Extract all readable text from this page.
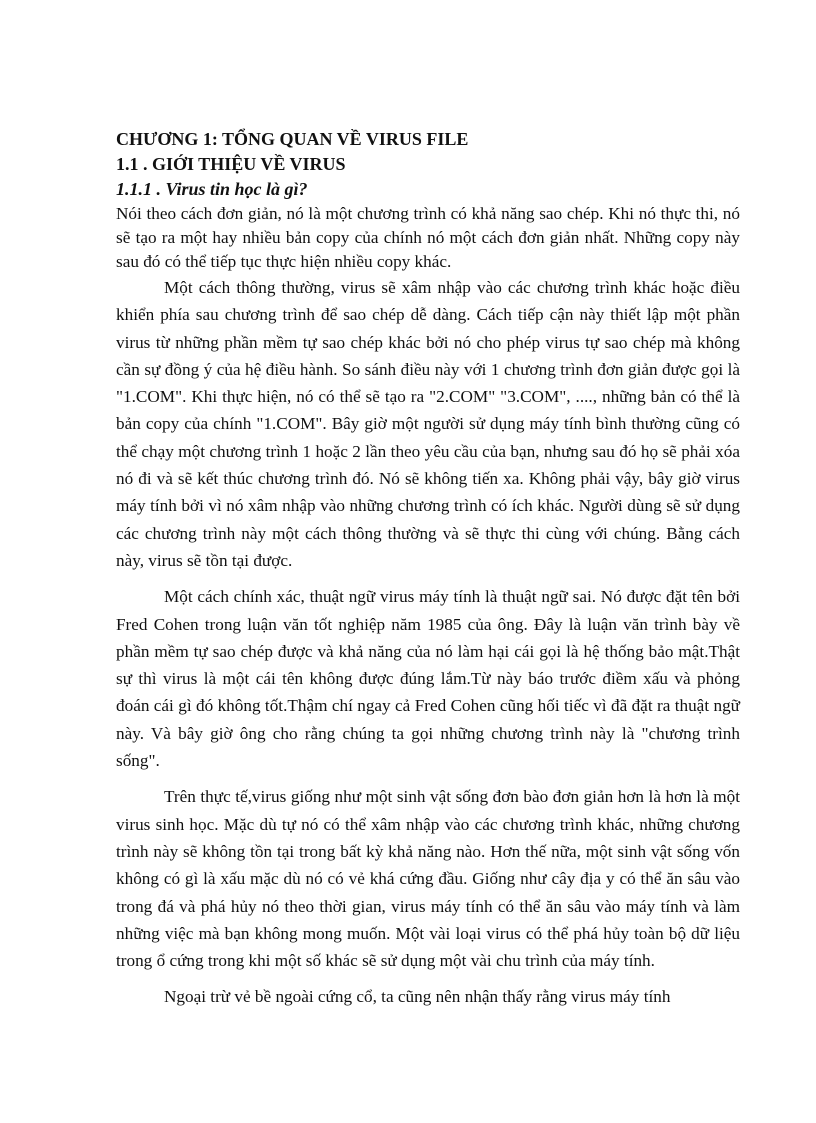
CHƯƠNG 1: TỔNG QUAN VỀ VIRUS FILE

1.1 . GIỚI THIỆU VỀ VIRUS

1.1.1 . Virus tin học là gì?

Nói theo cách đơn giản, nó là một chương trình có khả năng sao chép. Khi nó thực thi, nó sẽ tạo ra một hay nhiều bản copy của chính nó một cách đơn giản nhất. Những copy này sau đó có thể tiếp tục thực hiện nhiều copy khác.

Một cách thông thường, virus sẽ xâm nhập vào các chương trình khác hoặc điều khiển phía sau chương trình để sao chép dễ dàng. Cách tiếp cận này thiết lập một phần virus từ những phần mềm tự sao chép khác bởi nó cho phép virus tự sao chép mà không cần sự đồng ý của hệ điều hành. So sánh điều này với 1 chương trình đơn giản được gọi là "1.COM". Khi thực hiện, nó có thể sẽ tạo ra "2.COM" "3.COM", ...., những bản có thể là bản copy của chính "1.COM". Bây giờ một người sử dụng máy tính bình thường cũng có thể chạy một chương trình 1 hoặc 2 lần theo yêu cầu của bạn, nhưng sau đó họ sẽ phải xóa nó đi và sẽ kết thúc chương trình đó. Nó sẽ không tiến xa. Không phải vậy, bây giờ virus máy tính bởi vì nó xâm nhập vào những chương trình có ích khác. Người dùng sẽ sử dụng các chương trình này một cách thông thường và sẽ thực thi cùng với chúng. Bằng cách này, virus sẽ tồn tại được.

Một cách chính xác, thuật ngữ virus máy tính là thuật ngữ sai. Nó được đặt tên bởi Fred Cohen trong luận văn tốt nghiệp năm 1985 của ông. Đây là luận văn trình bày về phần mềm tự sao chép được và khả năng của nó làm hại cái gọi là hệ thống bảo mật.Thật sự thì virus là một cái tên không được đúng lắm.Từ này báo trước điềm xấu và phỏng đoán cái gì đó không tốt.Thậm chí ngay cả Fred Cohen cũng hối tiếc vì đã đặt ra thuật ngữ này. Và bây giờ ông cho rằng chúng ta gọi những chương trình này là "chương trình sống".

Trên thực tế,virus giống như một sinh vật sống đơn bào đơn giản hơn là hơn là một virus sinh học. Mặc dù tự nó có thể xâm nhập vào các chương trình khác, những chương trình này sẽ không tồn tại trong bất kỳ khả năng nào. Hơn thế nữa, một sinh vật sống vốn không có gì là xấu mặc dù nó có vẻ khá cứng đầu. Giống như cây địa y có thể ăn sâu vào trong đá và phá hủy nó theo thời gian, virus máy tính có thể ăn sâu vào máy tính và làm những việc mà bạn không mong muốn. Một vài loại virus có thể phá hủy toàn bộ dữ liệu trong ổ cứng trong khi một số khác sẽ sử dụng một vài chu trình của máy tính.

Ngoại trừ vẻ bề ngoài cứng cổ, ta cũng nên nhận thấy rằng virus máy tính
